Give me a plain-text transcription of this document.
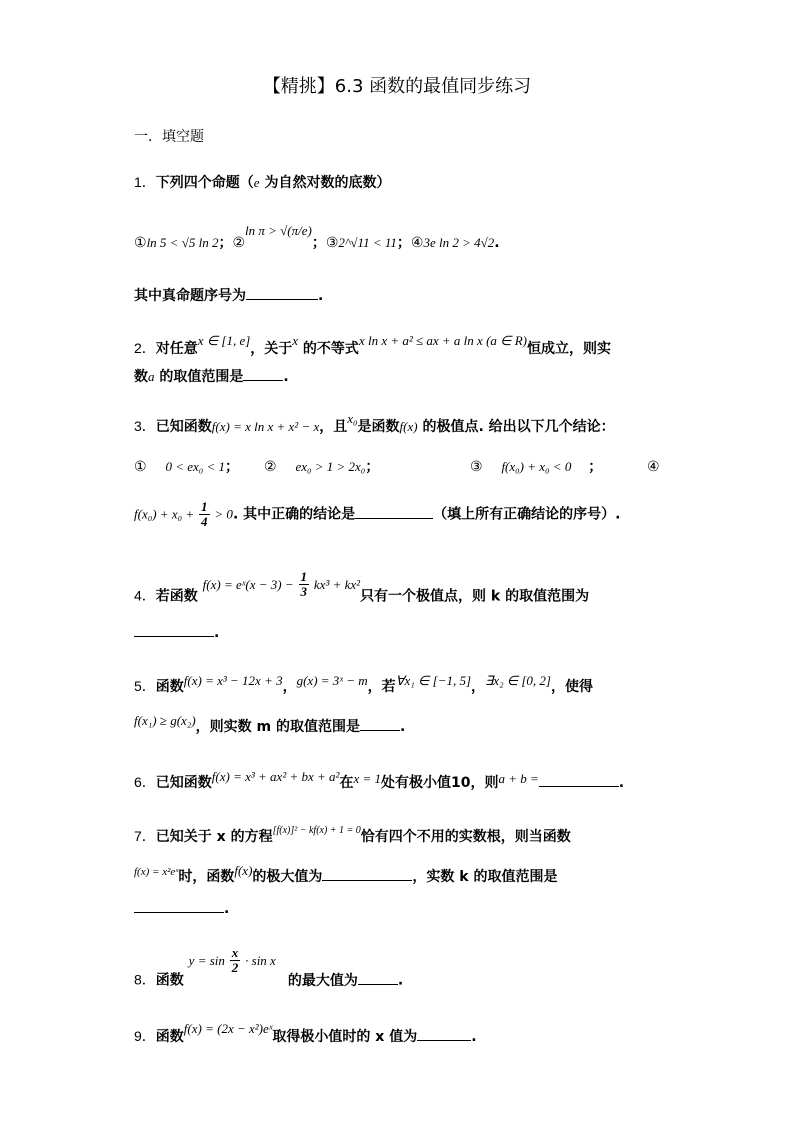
【精挑】6.3 函数的最值同步练习
一．填空题
1．下列四个命题（e 为自然对数的底数）
①ln 5 < √5 ln 2；②ln π > √(π/e)；③2^√11 < 11；④3e ln 2 > 4√2.
其中真命题序号为	.
2．对任意x ∈ [1, e]，关于x 的不等式x ln x + a² ≤ ax + a ln x (a ∈ R)恒成立，则实
数a 的取值范围是	.
3．已知函数f(x) = x ln x + x² − x，且x₀是函数f(x) 的极值点. 给出以下几个结论：
① 0 < ex₀ < 1； ② ex₀ > 1 > 2x₀；	③ f(x₀) + x₀ < 0 ；	④
$f(x_0) + x_0 + \frac{1}{4} > 0$. 其中正确的结论是	（填上所有正确结论的序号）.
4．若函数 f(x) = eˣ(x − $3) - \frac{1}{3} kx^3 + kx^2$只有一个极值点，则 k 的取值范围为
.
5．函数f(x) = x³ − 12x + 3，g(x) = 3ˣ − m，若∀x₁ ∈ [−1, 5]，∃x₂ ∈ [0, 2]，使得
f(x₁) ≥ g(x₂)，则实数 m 的取值范围是	.
6．已知函数f(x) = x³ + ax² + bx + a²在x = 1处有极小值10，则a + b =	.
7．已知关于 x 的方程$^{[f(x)]^2 - kf(x) + 1 = 0}$恰有四个不用的实数根，则当函数
$^{f(x) = x^2eˣ}$时，函数f(x)的极大值为	，实数 k 的取值范围是
.
8．函数 $y = \sin \frac{x}{2} \cdot \sin x$的最大值为	.
9．函数f(x) = (2x − x²)eˣ取得极小值时的 x 值为	.
